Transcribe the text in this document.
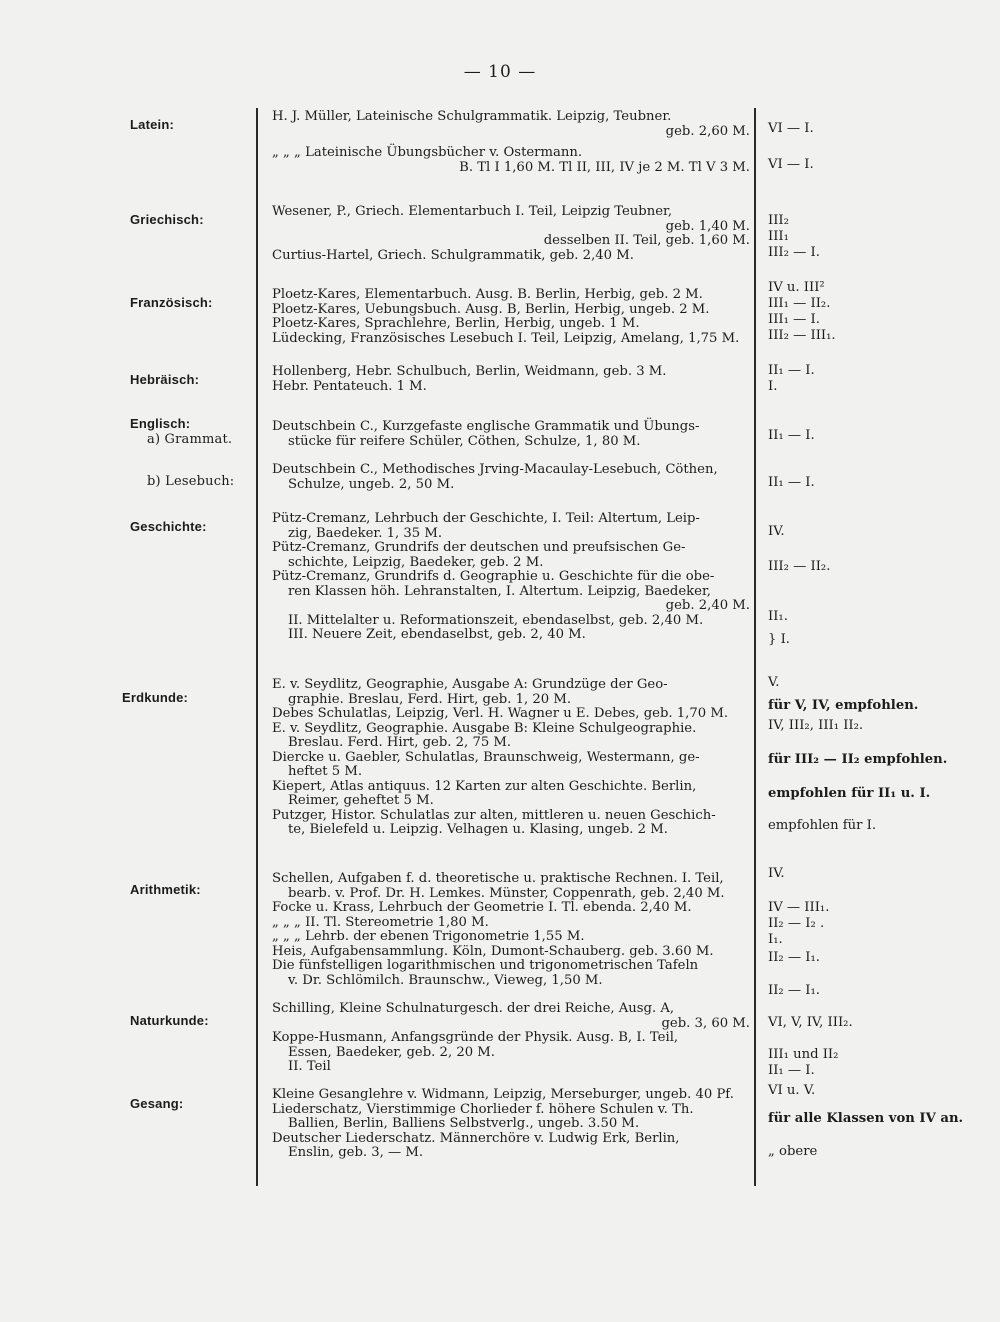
— 10 —
Latein:
Griechisch:
Französisch:
Hebräisch:
Englisch:
a) Grammat.
b) Lesebuch:
Geschichte:
Erdkunde:
Arithmetik:
Naturkunde:
Gesang:
H. J. Müller, Lateinische Schulgrammatik. Leipzig, Teubner.
geb. 2,60 M.
„ „ „ Lateinische Übungsbücher v. Ostermann.
B. Tl I 1,60 M. Tl II, III, IV je 2 M. Tl V 3 M.
Wesener, P., Griech. Elementarbuch I. Teil, Leipzig Teubner,
geb. 1,40 M.
desselben II. Teil, geb. 1,60 M.
Curtius-Hartel, Griech. Schulgrammatik, geb. 2,40 M.
Ploetz-Kares, Elementarbuch. Ausg. B. Berlin, Herbig, geb. 2 M.
Ploetz-Kares, Uebungsbuch. Ausg. B, Berlin, Herbig, ungeb. 2 M.
Ploetz-Kares, Sprachlehre, Berlin, Herbig, ungeb. 1 M.
Lüdecking, Französisches Lesebuch I. Teil, Leipzig, Amelang, 1,75 M.
Hollenberg, Hebr. Schulbuch, Berlin, Weidmann, geb. 3 M.
Hebr. Pentateuch. 1 M.
Deutschbein C., Kurzgefaste englische Grammatik und Übungs-
stücke für reifere Schüler, Cöthen, Schulze, 1, 80 M.
Deutschbein C., Methodisches Jrving-Macaulay-Lesebuch, Cöthen,
Schulze, ungeb. 2, 50 M.
Pütz-Cremanz, Lehrbuch der Geschichte, I. Teil: Altertum, Leip-
zig, Baedeker. 1, 35 M.
Pütz-Cremanz, Grundrifs der deutschen und preufsischen Ge-
schichte, Leipzig, Baedeker, geb. 2 M.
Pütz-Cremanz, Grundrifs d. Geographie u. Geschichte für die obe-
ren Klassen höh. Lehranstalten, I. Altertum. Leipzig, Baedeker,
geb. 2,40 M.
II. Mittelalter u. Reformationszeit, ebendaselbst, geb. 2,40 M.
III. Neuere Zeit, ebendaselbst, geb. 2, 40 M.
E. v. Seydlitz, Geographie, Ausgabe A: Grundzüge der Geo-
graphie. Breslau, Ferd. Hirt, geb. 1, 20 M.
Debes Schulatlas, Leipzig, Verl. H. Wagner u E. Debes, geb. 1,70 M.
E. v. Seydlitz, Geographie. Ausgabe B: Kleine Schulgeographie.
Breslau. Ferd. Hirt, geb. 2, 75 M.
Diercke u. Gaebler, Schulatlas, Braunschweig, Westermann, ge-
heftet 5 M.
Kiepert, Atlas antiquus. 12 Karten zur alten Geschichte. Berlin,
Reimer, geheftet 5 M.
Putzger, Histor. Schulatlas zur alten, mittleren u. neuen Geschich-
te, Bielefeld u. Leipzig. Velhagen u. Klasing, ungeb. 2 M.
Schellen, Aufgaben f. d. theoretische u. praktische Rechnen. I. Teil,
bearb. v. Prof. Dr. H. Lemkes. Münster, Coppenrath, geb. 2,40 M.
Focke u. Krass, Lehrbuch der Geometrie I. Tl. ebenda. 2,40 M.
„ „ „ II. Tl. Stereometrie 1,80 M.
„ „ „ Lehrb. der ebenen Trigonometrie 1,55 M.
Heis, Aufgabensammlung. Köln, Dumont-Schauberg. geb. 3.60 M.
Die fünfstelligen logarithmischen und trigonometrischen Tafeln
v. Dr. Schlömilch. Braunschw., Vieweg, 1,50 M.
Schilling, Kleine Schulnaturgesch. der drei Reiche, Ausg. A,
geb. 3, 60 M.
Koppe-Husmann, Anfangsgründe der Physik. Ausg. B, I. Teil,
Essen, Baedeker, geb. 2, 20 M.
II. Teil
Kleine Gesanglehre v. Widmann, Leipzig, Merseburger, ungeb. 40 Pf.
Liederschatz, Vierstimmige Chorlieder f. höhere Schulen v. Th.
Ballien, Berlin, Balliens Selbstverlg., ungeb. 3.50 M.
Deutscher Liederschatz. Männerchöre v. Ludwig Erk, Berlin,
Enslin, geb. 3, — M.
VI — I.
VI — I.
III₂
III₁
III₂ — I.
IV u. III²
III₁ — II₂.
III₁ — I.
III₂ — III₁.
II₁ — I.
I.
II₁ — I.
II₁ — I.
IV.
III₂ — II₂.
II₁.
} I.
V.
für V, IV, empfohlen.
IV, III₂, III₁ II₂.
für III₂ — II₂ empfohlen.
empfohlen für II₁ u. I.
empfohlen für I.
IV.
IV — III₁.
II₂ — I₂ .
I₁.
II₂ — I₁.
II₂ — I₁.
VI, V, IV, III₂.
III₁ und II₂
II₁ — I.
VI u. V.
für alle Klassen von IV an.
„ obere
